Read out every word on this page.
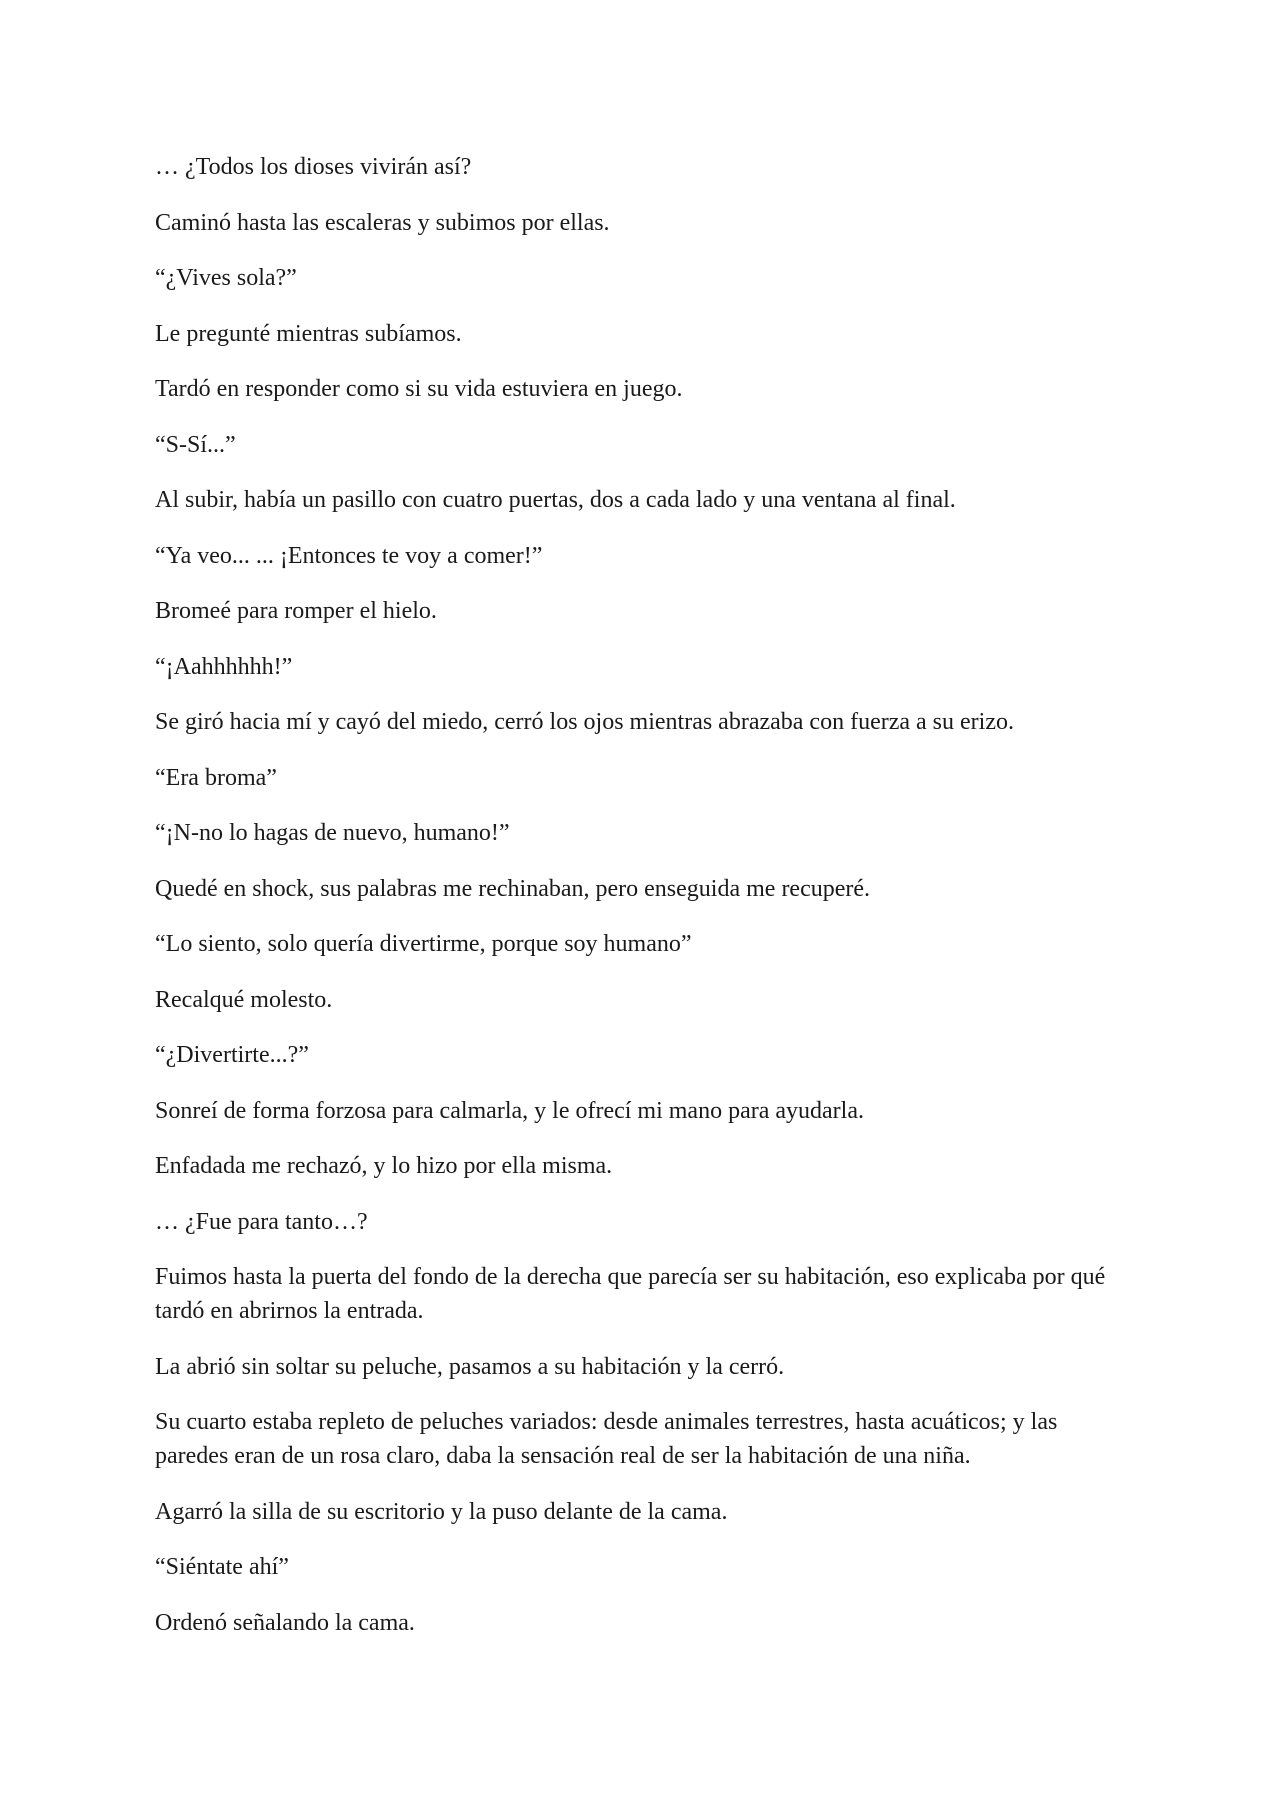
… ¿Todos los dioses vivirán así?

Caminó hasta las escaleras y subimos por ellas.

“¿Vives sola?”

Le pregunté mientras subíamos.

Tardó en responder como si su vida estuviera en juego.

“S-Sí...”

Al subir, había un pasillo con cuatro puertas, dos a cada lado y una ventana al final.

“Ya veo... ... ¡Entonces te voy a comer!”

Bromeé para romper el hielo.

“¡Aahhhhhh!”

Se giró hacia mí y cayó del miedo, cerró los ojos mientras abrazaba con fuerza a su erizo.

“Era broma”

“¡N-no lo hagas de nuevo, humano!”

Quedé en shock, sus palabras me rechinaban, pero enseguida me recuperé.

“Lo siento, solo quería divertirme, porque soy humano”

Recalqué molesto.

“¿Divertirte...?”

Sonreí de forma forzosa para calmarla, y le ofrecí mi mano para ayudarla.

Enfadada me rechazó, y lo hizo por ella misma.

… ¿Fue para tanto…?

Fuimos hasta la puerta del fondo de la derecha que parecía ser su habitación, eso explicaba por qué tardó en abrirnos la entrada.

La abrió sin soltar su peluche, pasamos a su habitación y la cerró.

Su cuarto estaba repleto de peluches variados: desde animales terrestres, hasta acuáticos; y las paredes eran de un rosa claro, daba la sensación real de ser la habitación de una niña.

Agarró la silla de su escritorio y la puso delante de la cama.

“Siéntate ahí”

Ordenó señalando la cama.
